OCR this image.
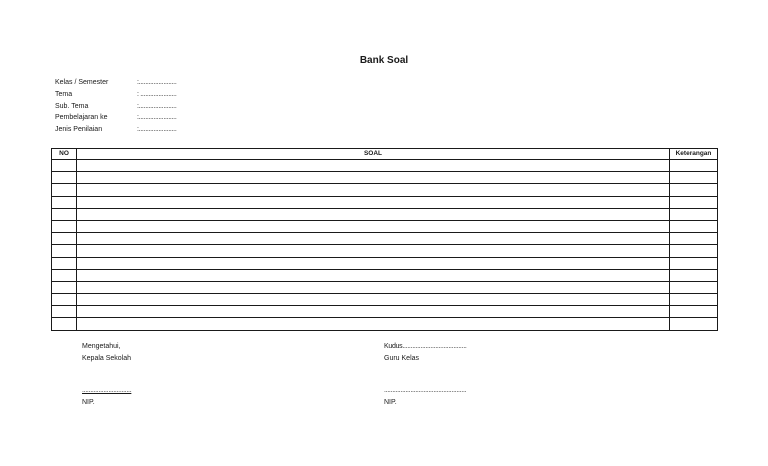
Bank Soal
Kelas / Semester	:.......................
Tema	: ......................
Sub. Tema	:.......................
Pembelajaran ke	:.......................
Jenis Penilaian	:.......................
NO	SOAL	Keterangan

Mengetahui,
Kepala Sekolah
..............................
NIP.
Kudus.......................................
Guru Kelas
..................................................
NIP.
